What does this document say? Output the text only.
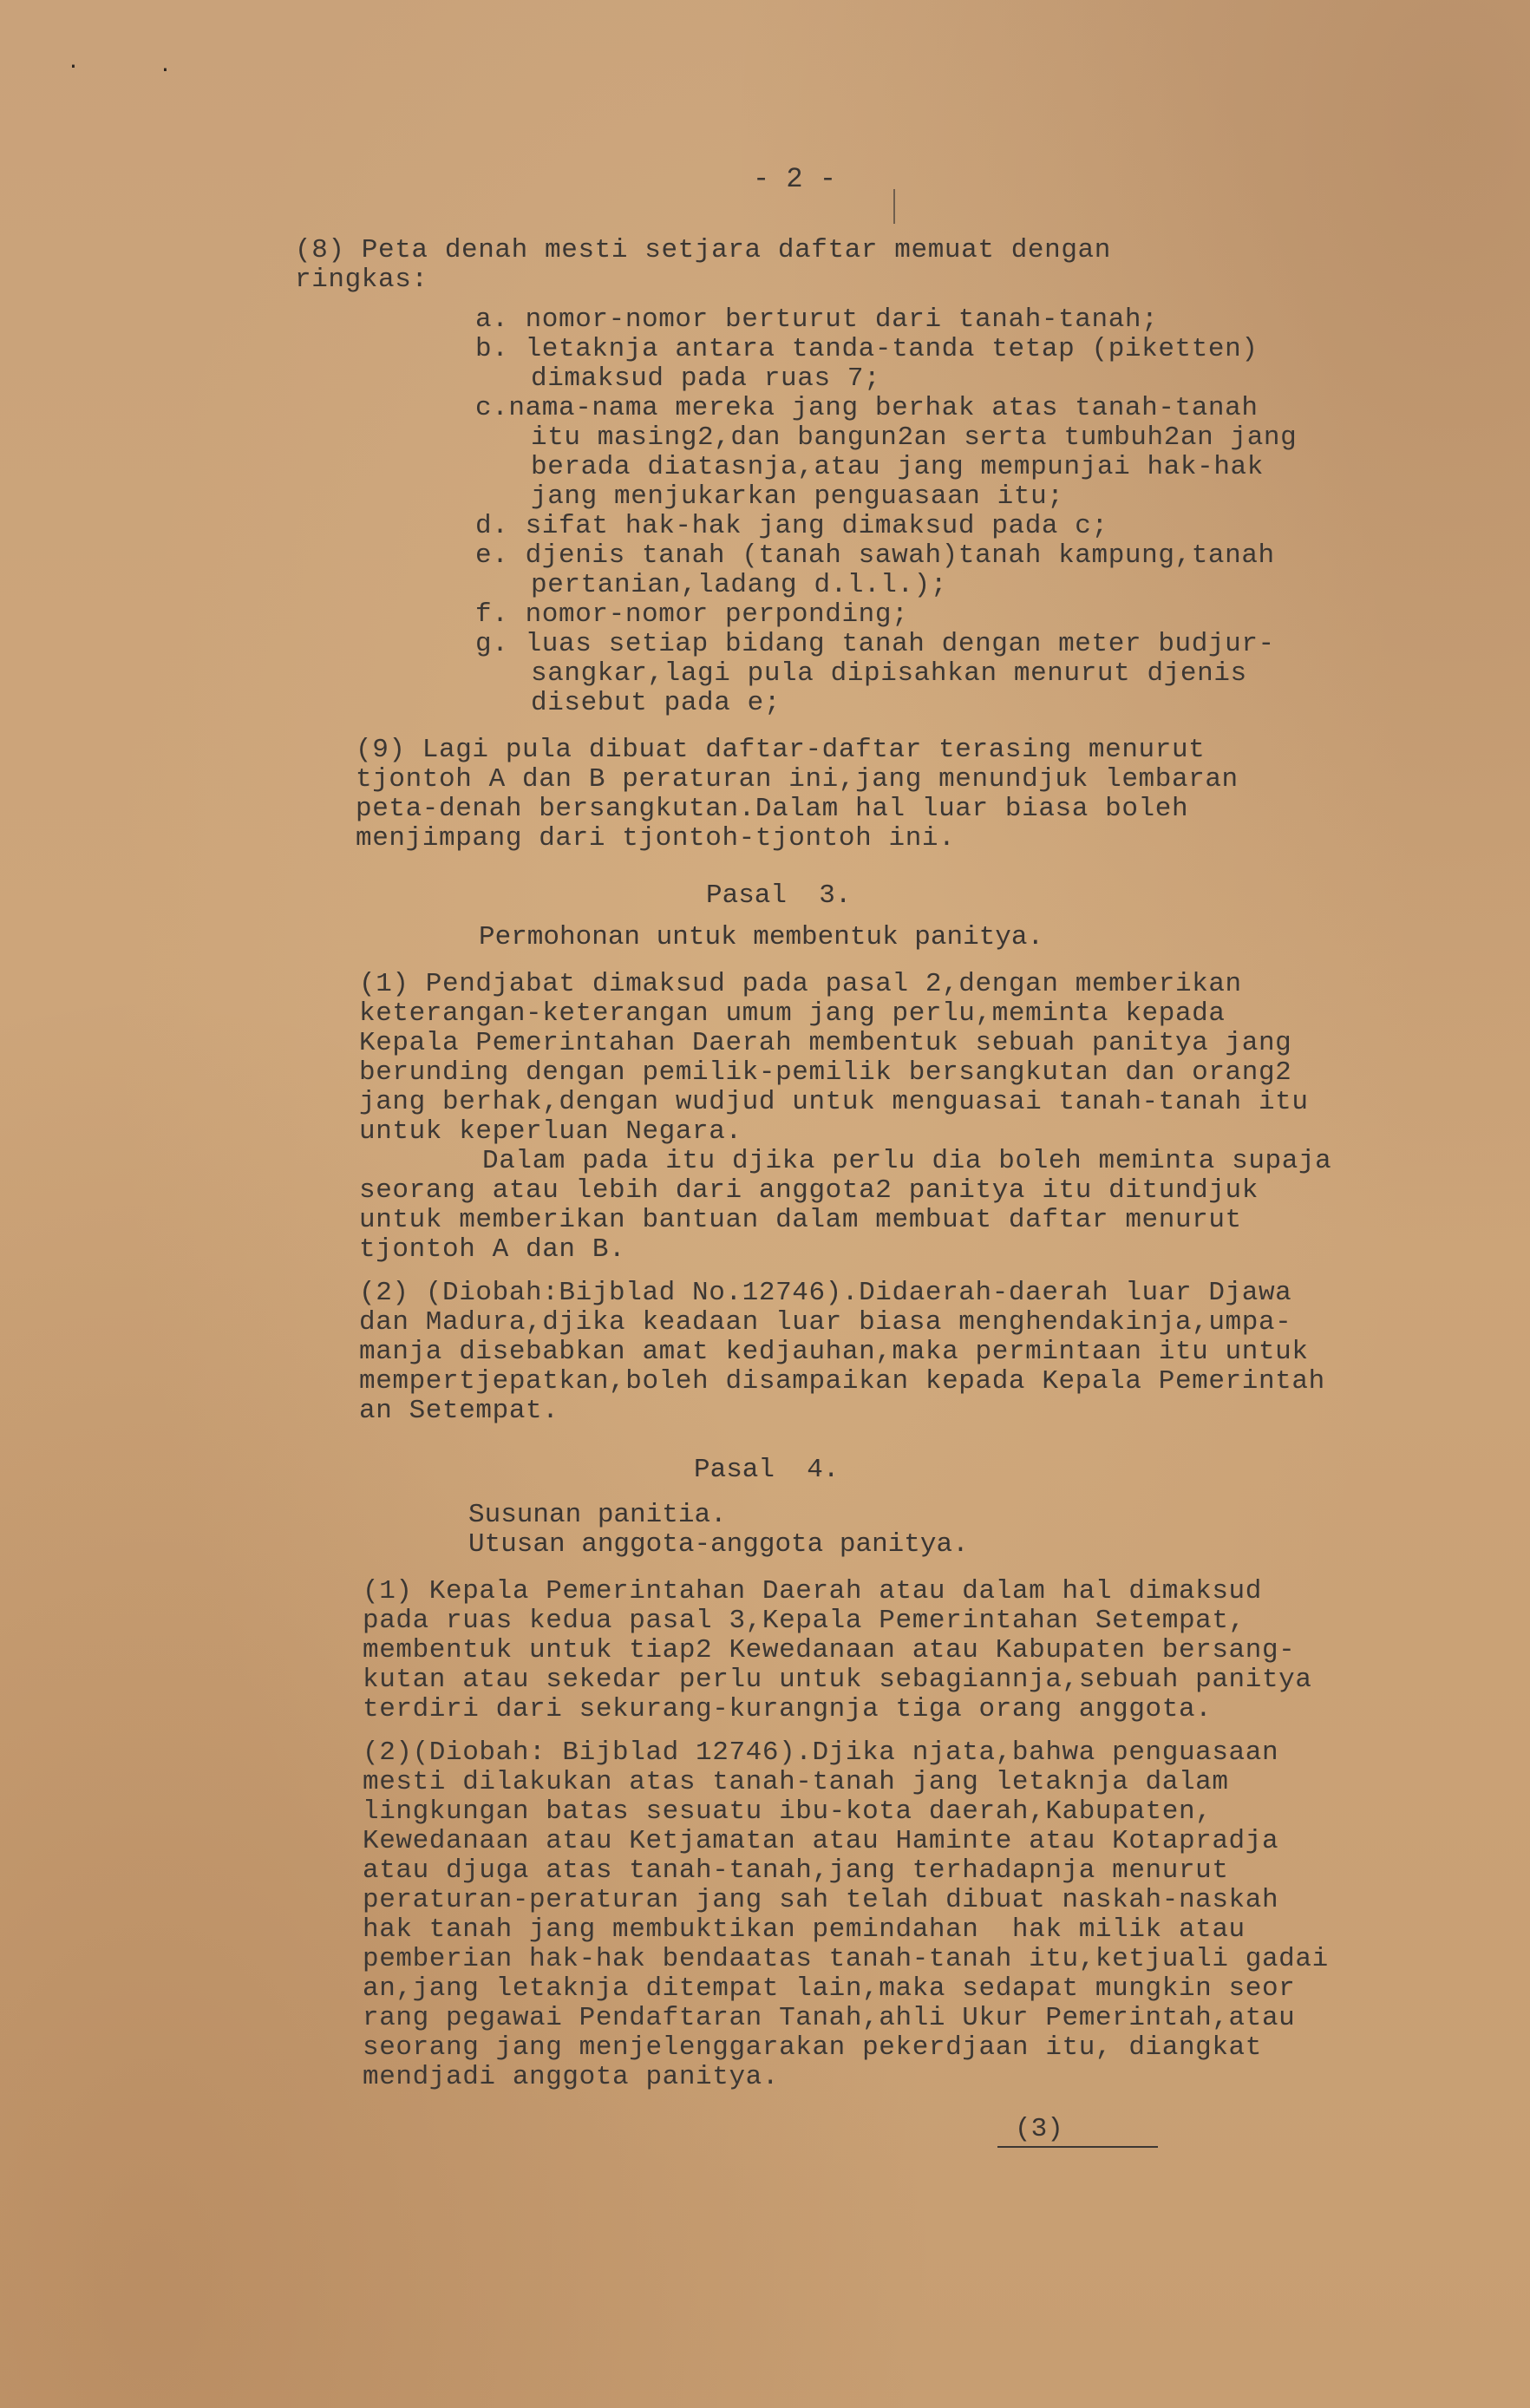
·	·
- 2 -
(8) Peta denah mesti setjara daftar memuat dengan
ringkas:
a. nomor-nomor berturut dari tanah-tanah;
b. letaknja antara tanda-tanda tetap (piketten)
dimaksud pada ruas 7;
c.nama-nama mereka jang berhak atas tanah-tanah
itu masing2,dan bangun2an serta tumbuh2an jang
berada diatasnja,atau jang mempunjai hak-hak
jang menjukarkan penguasaan itu;
d. sifat hak-hak jang dimaksud pada c;
e. djenis tanah (tanah sawah)tanah kampung,tanah
pertanian,ladang d.l.l.);
f. nomor-nomor perponding;
g. luas setiap bidang tanah dengan meter budjur-
sangkar,lagi pula dipisahkan menurut djenis
disebut pada e;
(9) Lagi pula dibuat daftar-daftar terasing menurut
tjontoh A dan B peraturan ini,jang menundjuk lembaran
peta-denah bersangkutan.Dalam hal luar biasa boleh
menjimpang dari tjontoh-tjontoh ini.
Pasal  3.
Permohonan untuk membentuk panitya.
(1) Pendjabat dimaksud pada pasal 2,dengan memberikan
keterangan-keterangan umum jang perlu,meminta kepada
Kepala Pemerintahan Daerah membentuk sebuah panitya jang
berunding dengan pemilik-pemilik bersangkutan dan orang2
jang berhak,dengan wudjud untuk menguasai tanah-tanah itu
untuk keperluan Negara.
Dalam pada itu djika perlu dia boleh meminta supaja
seorang atau lebih dari anggota2 panitya itu ditundjuk
untuk memberikan bantuan dalam membuat daftar menurut
tjontoh A dan B.
(2) (Diobah:Bijblad No.12746).Didaerah-daerah luar Djawa
dan Madura,djika keadaan luar biasa menghendakinja,umpa-
manja disebabkan amat kedjauhan,maka permintaan itu untuk
mempertjepatkan,boleh disampaikan kepada Kepala Pemerintah
an Setempat.
Pasal  4.
Susunan panitia.
Utusan anggota-anggota panitya.
(1) Kepala Pemerintahan Daerah atau dalam hal dimaksud
pada ruas kedua pasal 3,Kepala Pemerintahan Setempat,
membentuk untuk tiap2 Kewedanaan atau Kabupaten bersang-
kutan atau sekedar perlu untuk sebagiannja,sebuah panitya
terdiri dari sekurang-kurangnja tiga orang anggota.
(2)(Diobah: Bijblad 12746).Djika njata,bahwa penguasaan
mesti dilakukan atas tanah-tanah jang letaknja dalam
lingkungan batas sesuatu ibu-kota daerah,Kabupaten,
Kewedanaan atau Ketjamatan atau Haminte atau Kotapradja
atau djuga atas tanah-tanah,jang terhadapnja menurut
peraturan-peraturan jang sah telah dibuat naskah-naskah
hak tanah jang membuktikan pemindahan  hak milik atau
pemberian hak-hak bendaatas tanah-tanah itu,ketjuali gadai
an,jang letaknja ditempat lain,maka sedapat mungkin seor
rang pegawai Pendaftaran Tanah,ahli Ukur Pemerintah,atau
seorang jang menjelenggarakan pekerdjaan itu, diangkat
mendjadi anggota panitya.
(3)
